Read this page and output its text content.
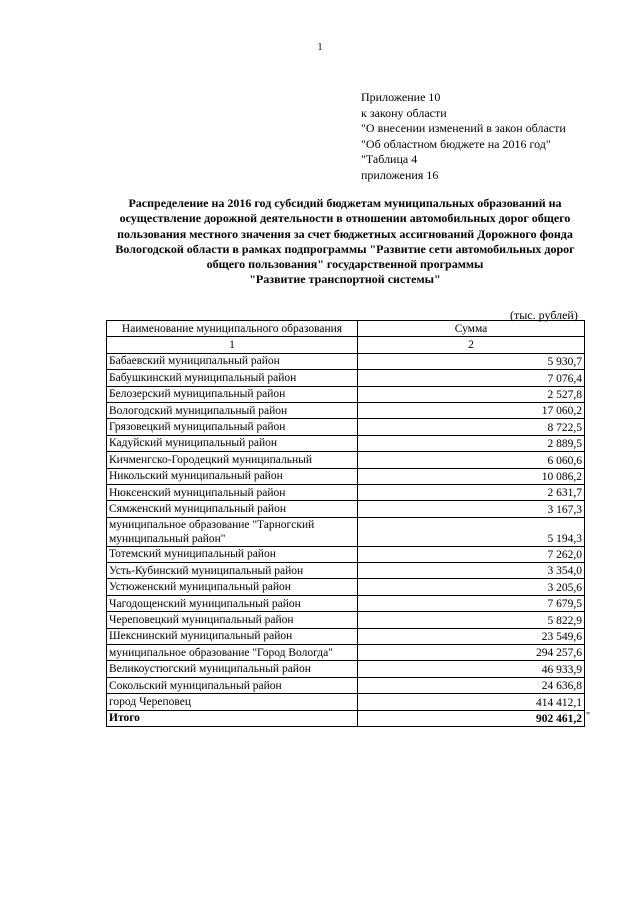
1
Приложение 10
к закону области
"О внесении изменений в закон области
"Об областном бюджете на 2016 год"
"Таблица 4
приложения 16
Распределение на 2016 год субсидий бюджетам муниципальных образований на
осуществление дорожной деятельности в отношении автомобильных дорог общего
пользования местного значения за счет бюджетных ассигнований Дорожного фонда
Вологодской области в рамках подпрограммы "Развитие сети автомобильных дорог
общего пользования" государственной программы
"Развитие транспортной системы"
(тыс. рублей)
Наименование муниципального образования	Сумма
1	2
Бабаевский муниципальный район	5 930,7
Бабушкинский муниципальный район	7 076,4
Белозерский муниципальный район	2 527,8
Вологодский муниципальный район	17 060,2
Грязовецкий муниципальный район	8 722,5
Кадуйский муниципальный район	2 889,5
Кичменгско-Городецкий муниципальный	6 060,6
Никольский муниципальный район	10 086,2
Нюксенский муниципальный район	2 631,7
Сямженский муниципальный район	3 167,3
муниципальное образование "Тарногский муниципальный район"	5 194,3
Тотемский муниципальный район	7 262,0
Усть-Кубинский муниципальный район	3 354,0
Устюженский муниципальный район	3 205,6
Чагодощенский муниципальный район	7 679,5
Череповецкий муниципальный район	5 822,9
Шекснинский муниципальный район	23 549,6
муниципальное образование "Город Вологда"	294 257,6
Великоустюгский муниципальный район	46 933,9
Сокольский муниципальный район	24 636,8
город Череповец	414 412,1
Итого	902 461,2 "
